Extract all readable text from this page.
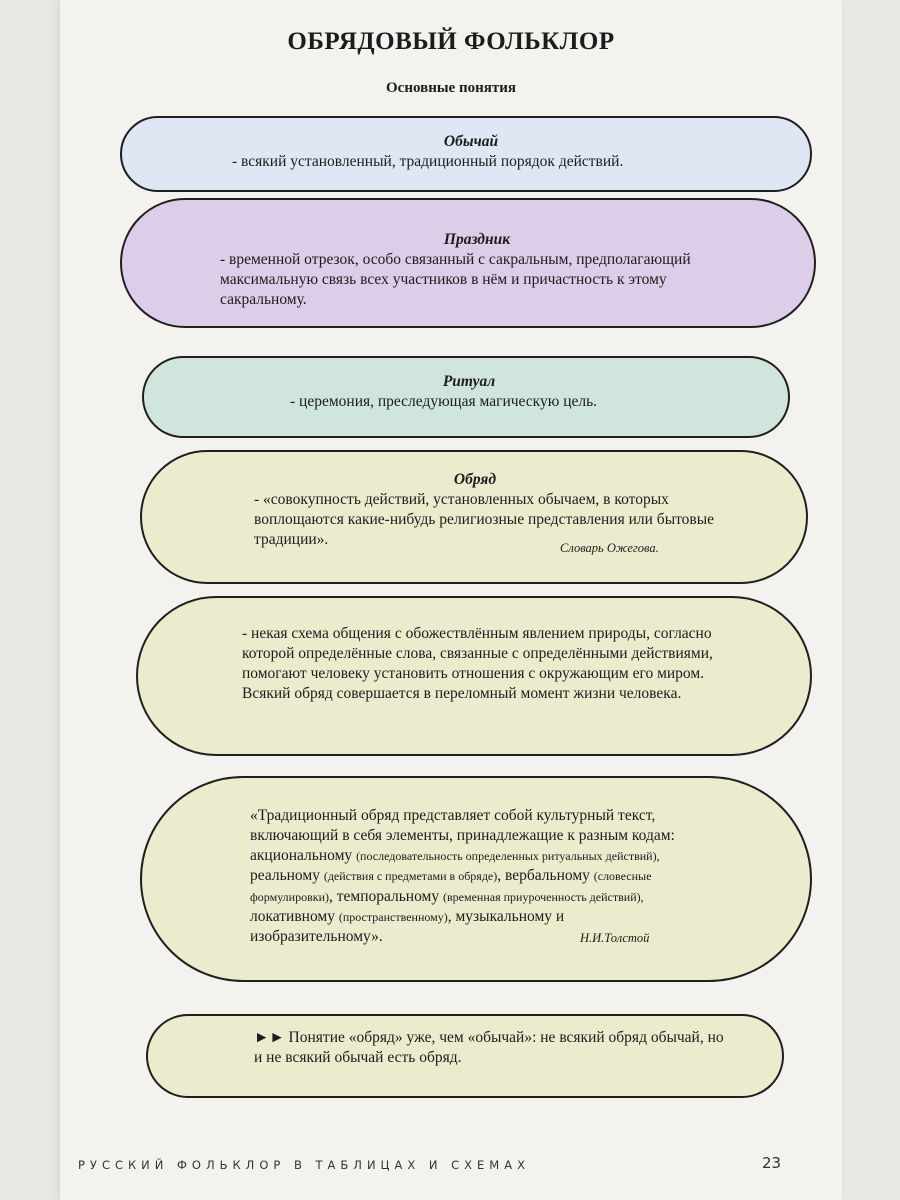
ОБРЯДОВЫЙ ФОЛЬКЛОР
Основные понятия
Обычай
- всякий установленный, традиционный порядок действий.
Праздник
- временной отрезок, особо связанный с сакральным, предполагающий
максимальную связь всех участников в нём и причастность к этому
сакральному.
Ритуал
- церемония, преследующая магическую цель.
Обряд
- «совокупность действий, установленных обычаем, в которых
воплощаются какие-нибудь религиозные представления или бытовые
традиции».	Словарь Ожегова.
- некая схема общения с обожествлённым явлением природы, согласно
которой определённые слова, связанные с определёнными действиями,
помогают человеку установить отношения с окружающим его миром.
Всякий обряд совершается в переломный момент жизни человека.
«Традиционный обряд представляет собой культурный текст,
включающий в себя элементы, принадлежащие к разным кодам:
акциональному (последовательность определенных ритуальных действий),
реальному (действия с предметами в обряде), вербальному (словесные
формулировки), темпоральному (временная приуроченность действий),
локативному (пространственному), музыкальному и
изобразительному».	Н.И.Толстой
►► Понятие «обряд» уже, чем «обычай»: не всякий обряд обычай, но
и не всякий обычай есть обряд.
РУССКИЙ ФОЛЬКЛОР В ТАБЛИЦАХ И СХЕМАХ	23
